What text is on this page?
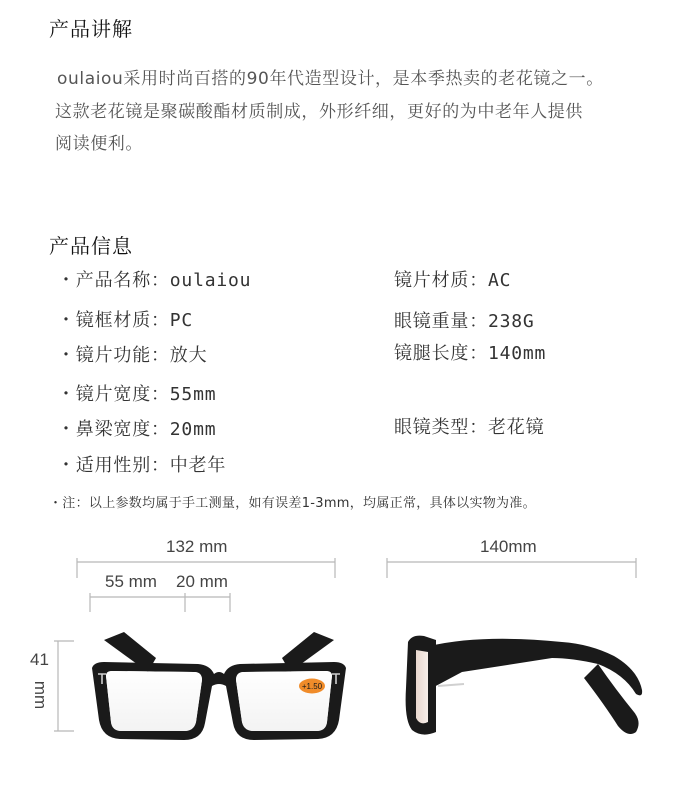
产品讲解
oulaiou采用时尚百搭的90年代造型设计，是本季热卖的老花镜之一。
这款老花镜是聚碳酸酯材质制成，外形纤细，更好的为中老年人提供
阅读便利。
产品信息
・产品名称：oulaiou
・镜框材质：PC
・镜片功能：放大
・镜片宽度：55mm
・鼻梁宽度：20mm
・适用性别：中老年
镜片材质：AC
眼镜重量：238G
镜腿长度：140mm
眼镜类型：老花镜
・注：以上参数均属于手工测量，如有误差1-3mm，均属正常，具体以实物为准。
132 mm
55 mm 20 mm
140mm
41
mm	+1.50
